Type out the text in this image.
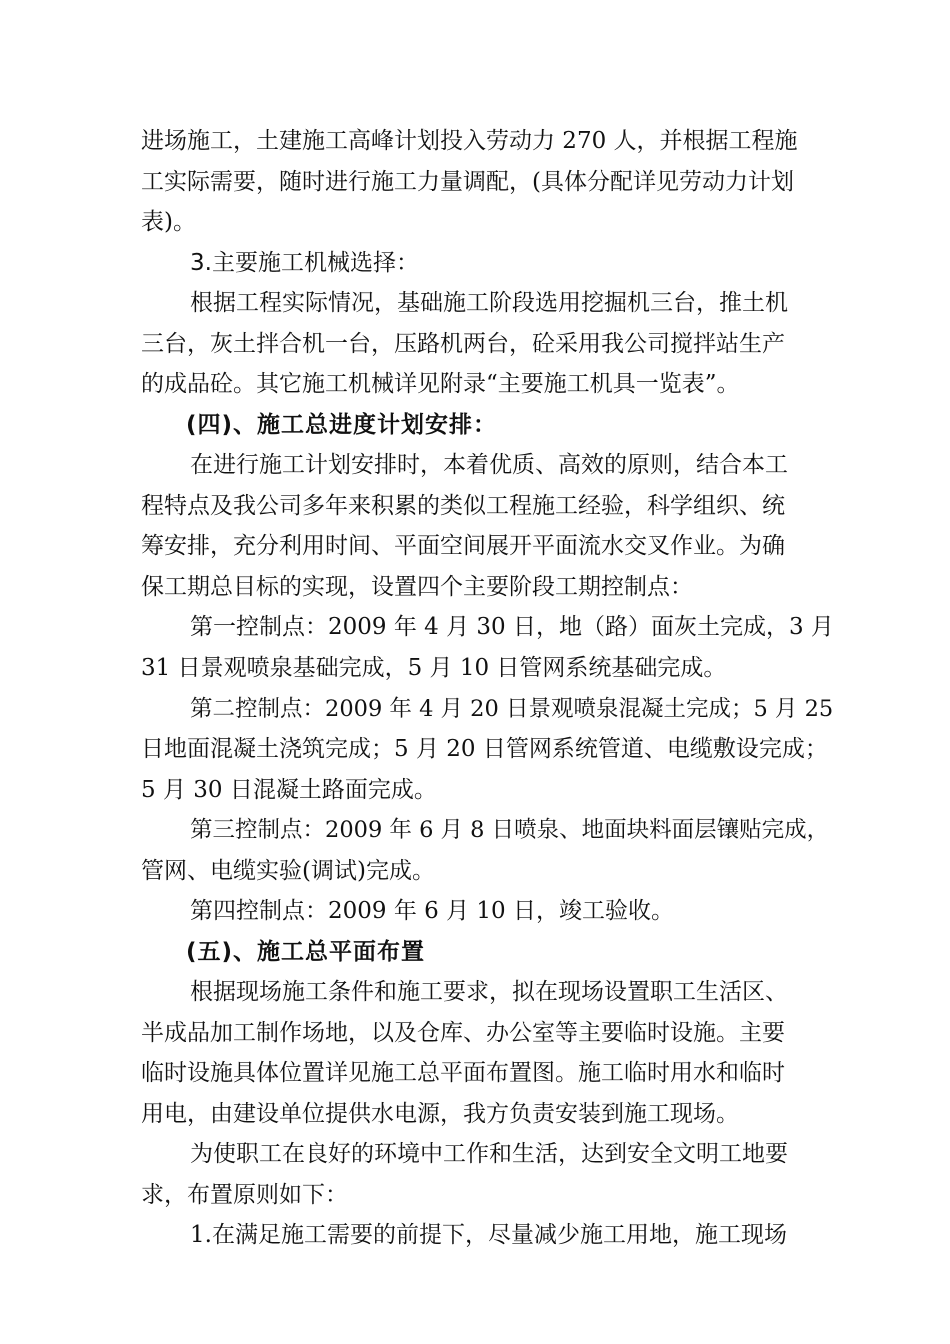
进场施工，土建施工高峰计划投入劳动力 270 人，并根据工程施
工实际需要，随时进行施工力量调配，(具体分配详见劳动力计划
表)。
3.主要施工机械选择：
根据工程实际情况，基础施工阶段选用挖掘机三台，推土机
三台，灰土拌合机一台，压路机两台，砼采用我公司搅拌站生产
的成品砼。其它施工机械详见附录“主要施工机具一览表”。
(四)、施工总进度计划安排：
在进行施工计划安排时，本着优质、高效的原则，结合本工
程特点及我公司多年来积累的类似工程施工经验，科学组织、统
筹安排，充分利用时间、平面空间展开平面流水交叉作业。为确
保工期总目标的实现，设置四个主要阶段工期控制点：
第一控制点：2009 年 4 月 30 日，地（路）面灰土完成，3 月
31 日景观喷泉基础完成，5 月 10 日管网系统基础完成。
第二控制点：2009 年 4 月 20 日景观喷泉混凝土完成；5 月 25
日地面混凝土浇筑完成；5 月 20 日管网系统管道、电缆敷设完成；
5 月 30 日混凝土路面完成。
第三控制点：2009 年 6 月 8 日喷泉、地面块料面层镶贴完成，
管网、电缆实验(调试)完成。
第四控制点：2009 年 6 月 10 日，竣工验收。
(五)、施工总平面布置
根据现场施工条件和施工要求，拟在现场设置职工生活区、
半成品加工制作场地，以及仓库、办公室等主要临时设施。主要
临时设施具体位置详见施工总平面布置图。施工临时用水和临时
用电，由建设单位提供水电源，我方负责安装到施工现场。
为使职工在良好的环境中工作和生活，达到安全文明工地要
求，布置原则如下：
1.在满足施工需要的前提下，尽量减少施工用地，施工现场
